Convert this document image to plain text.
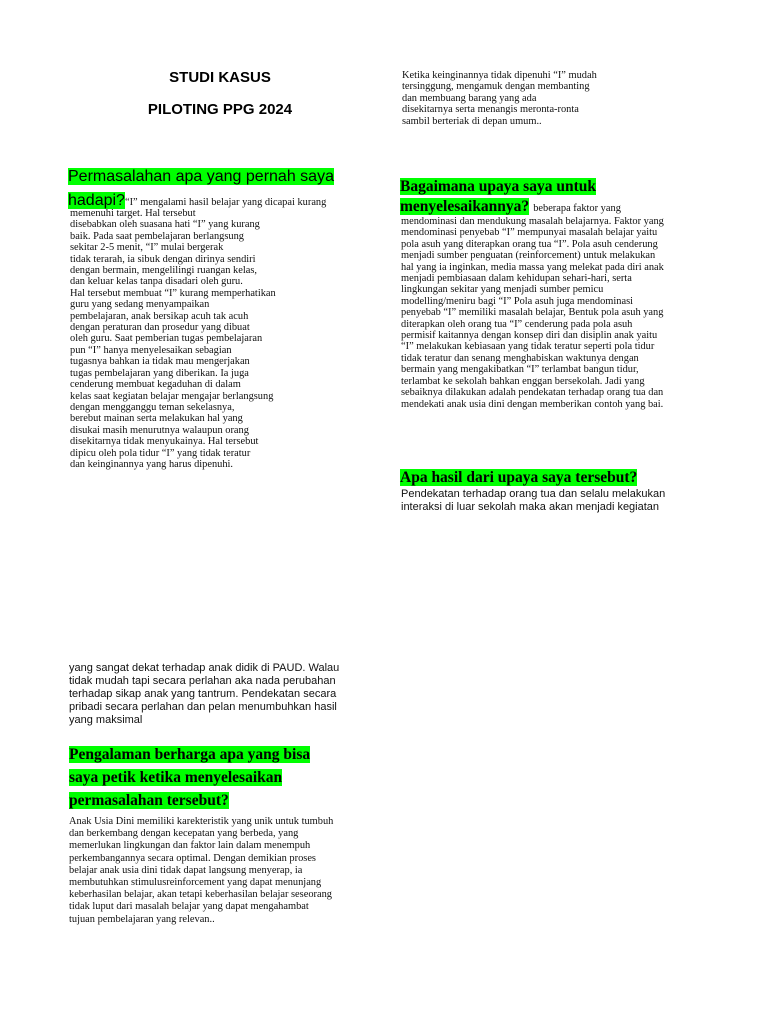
STUDI KASUS
PILOTING PPG 2024
Permasalahan apa yang pernah saya
hadapi?“I” mengalami hasil belajar yang dicapai kurang
memenuhi target. Hal tersebut
disebabkan oleh suasana hati “I” yang kurang
baik. Pada saat pembelajaran berlangsung
sekitar 2-5 menit, “I” mulai bergerak
tidak terarah, ia sibuk dengan dirinya sendiri
dengan bermain, mengelilingi ruangan kelas,
dan keluar kelas tanpa disadari oleh guru.
Hal tersebut membuat “I” kurang memperhatikan
guru yang sedang menyampaikan
pembelajaran, anak bersikap acuh tak acuh
dengan peraturan dan prosedur yang dibuat
oleh guru. Saat pemberian tugas pembelajaran
pun “I” hanya menyelesaikan sebagian
tugasnya bahkan ia tidak mau mengerjakan
tugas pembelajaran yang diberikan. Ia juga
cenderung membuat kegaduhan di dalam
kelas saat kegiatan belajar mengajar berlangsung
dengan mengganggu teman sekelasnya,
berebut mainan serta melakukan hal yang
disukai masih menurutnya walaupun orang
disekitarnya tidak menyukainya. Hal tersebut
dipicu oleh pola tidur “I” yang tidak teratur
dan keinginannya yang harus dipenuhi.
Ketika keinginannya tidak dipenuhi “I” mudah
tersinggung, mengamuk dengan membanting
dan membuang barang yang ada
disekitarnya serta menangis meronta-ronta
sambil berteriak di depan umum..
Bagaimana upaya saya untuk
menyelesaikannya? beberapa faktor yang
mendominasi dan mendukung masalah belajarnya. Faktor yang
mendominasi penyebab “I” mempunyai masalah belajar yaitu
pola asuh yang diterapkan orang tua “I”. Pola asuh cenderung
menjadi sumber penguatan (reinforcement) untuk melakukan
hal yang ia inginkan, media massa yang melekat pada diri anak
menjadi pembiasaan dalam kehidupan sehari-hari, serta
lingkungan sekitar yang menjadi sumber pemicu
modelling/meniru bagi “I” Pola asuh juga mendominasi
penyebab “I” memiliki masalah belajar, Bentuk pola asuh yang
diterapkan oleh orang tua “I” cenderung pada pola asuh
permisif kaitannya dengan konsep diri dan disiplin anak yaitu
“I” melakukan kebiasaan yang tidak teratur seperti pola tidur
tidak teratur dan senang menghabiskan waktunya dengan
bermain yang mengakibatkan “I” terlambat bangun tidur,
terlambat ke sekolah bahkan enggan bersekolah. Jadi yang
sebaiknya dilakukan adalah pendekatan terhadap orang tua dan
mendekati anak usia dini dengan memberikan contoh yang bai.
Apa hasil dari upaya saya tersebut?
Pendekatan terhadap orang tua dan selalu melakukan
interaksi di luar sekolah maka akan menjadi kegiatan
yang sangat dekat terhadap anak didik di PAUD. Walau
tidak mudah tapi secara perlahan aka nada perubahan
terhadap sikap anak yang tantrum. Pendekatan secara
pribadi secara perlahan dan pelan menumbuhkan hasil
yang maksimal
Pengalaman berharga apa yang bisa
saya petik ketika menyelesaikan
permasalahan tersebut?
Anak Usia Dini memiliki karekteristik yang unik untuk tumbuh
dan berkembang dengan kecepatan yang berbeda, yang
memerlukan lingkungan dan faktor lain dalam menempuh
perkembangannya secara optimal. Dengan demikian proses
belajar anak usia dini tidak dapat langsung menyerap, ia
membutuhkan stimulusreinforcement yang dapat menunjang
keberhasilan belajar, akan tetapi keberhasilan belajar seseorang
tidak luput dari masalah belajar yang dapat mengahambat
tujuan pembelajaran yang relevan..
